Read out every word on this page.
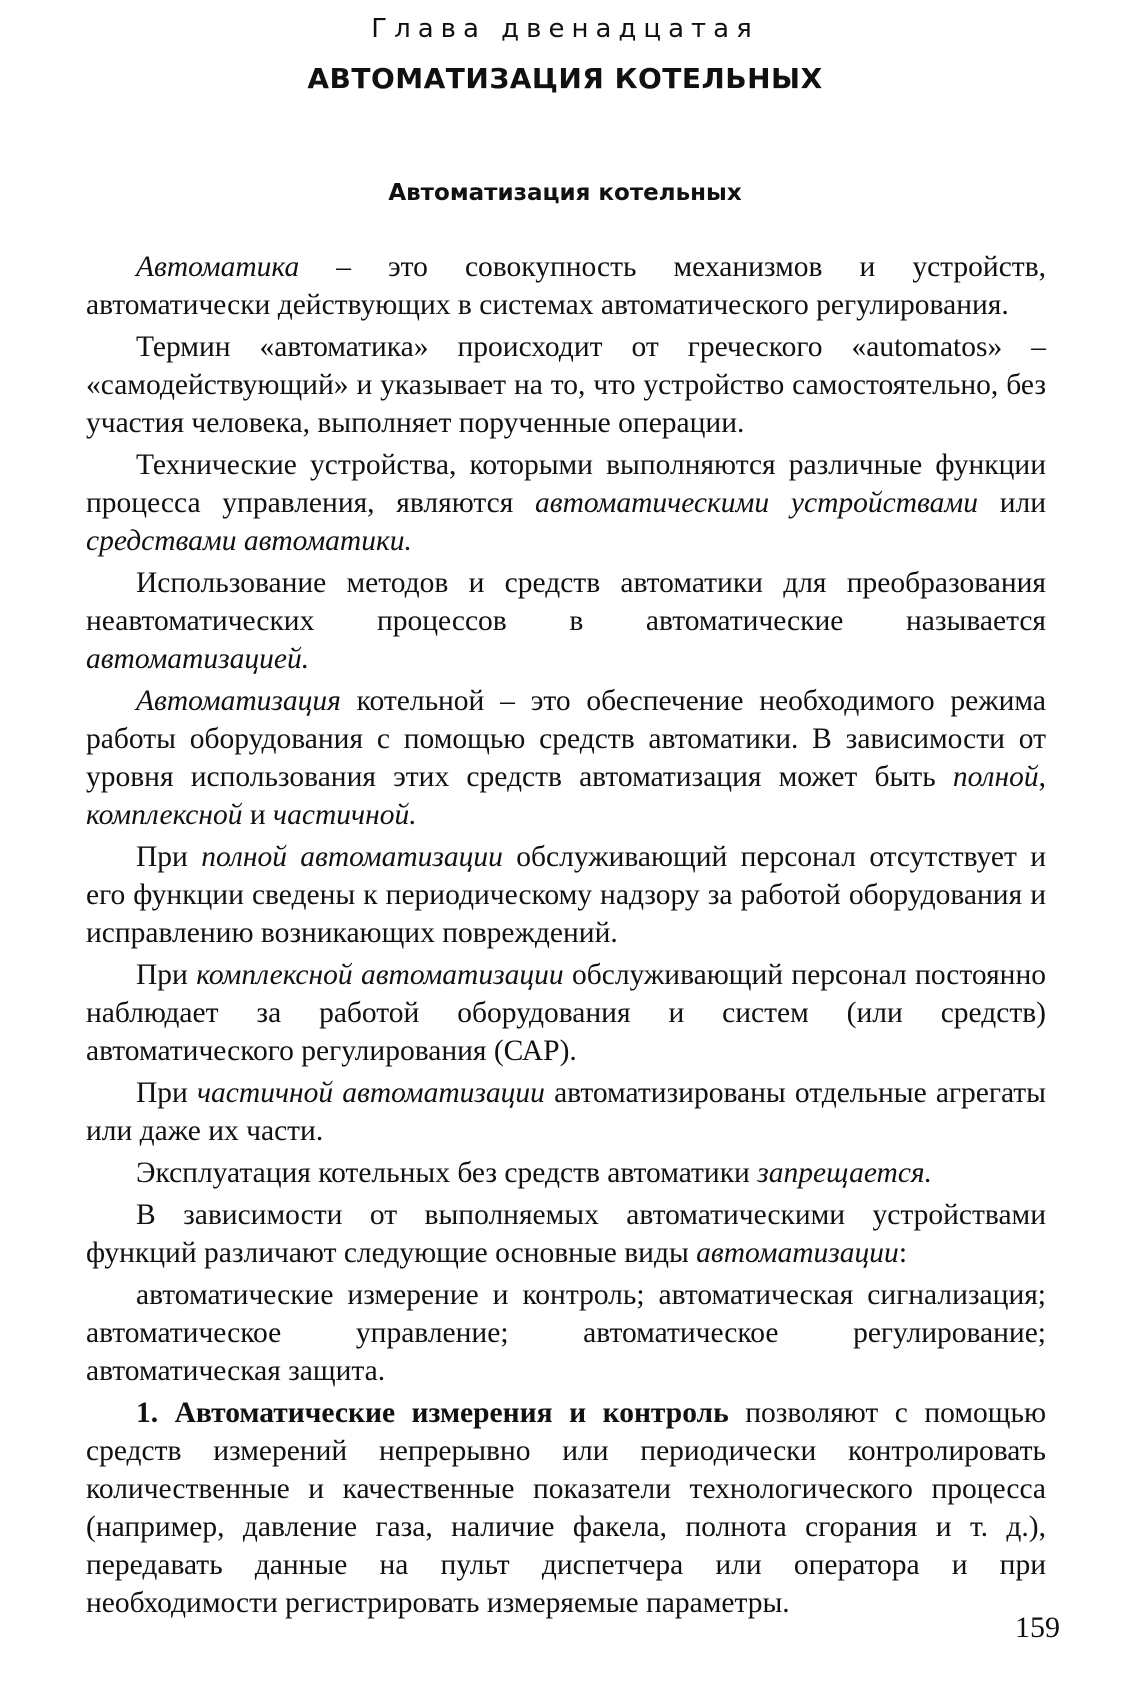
Глава двенадцатая
АВТОМАТИЗАЦИЯ КОТЕЛЬНЫХ
Автоматизация котельных

Автоматика – это совокупность механизмов и устройств, автоматически действующих в системах автоматического регулирования.

Термин «автоматика» происходит от греческого «automatos» – «самодействующий» и указывает на то, что устройство самостоятельно, без участия человека, выполняет порученные операции.

Технические устройства, которыми выполняются различные функции процесса управления, являются автоматическими устройствами или средствами автоматики.

Использование методов и средств автоматики для преобразования неавтоматических процессов в автоматические называется автоматизацией.

Автоматизация котельной – это обеспечение необходимого режима работы оборудования с помощью средств автоматики. В зависимости от уровня использования этих средств автоматизация может быть полной, комплексной и частичной.

При полной автоматизации обслуживающий персонал отсутствует и его функции сведены к периодическому надзору за работой оборудования и исправлению возникающих повреждений.

При комплексной автоматизации обслуживающий персонал постоянно наблюдает за работой оборудования и систем (или средств) автоматического регулирования (САР).

При частичной автоматизации автоматизированы отдельные агрегаты или даже их части.

Эксплуатация котельных без средств автоматики запрещается.

В зависимости от выполняемых автоматическими устройствами функций различают следующие основные виды автоматизации:

автоматические измерение и контроль; автоматическая сигнализация; автоматическое управление; автоматическое регулирование; автоматическая защита.

1. Автоматические измерения и контроль позволяют с помощью средств измерений непрерывно или периодически контролировать количественные и качественные показатели технологического процесса (например, давление газа, наличие факела, полнота сгорания и т. д.), передавать данные на пульт диспетчера или оператора и при необходимости регистрировать измеряемые параметры.

159
